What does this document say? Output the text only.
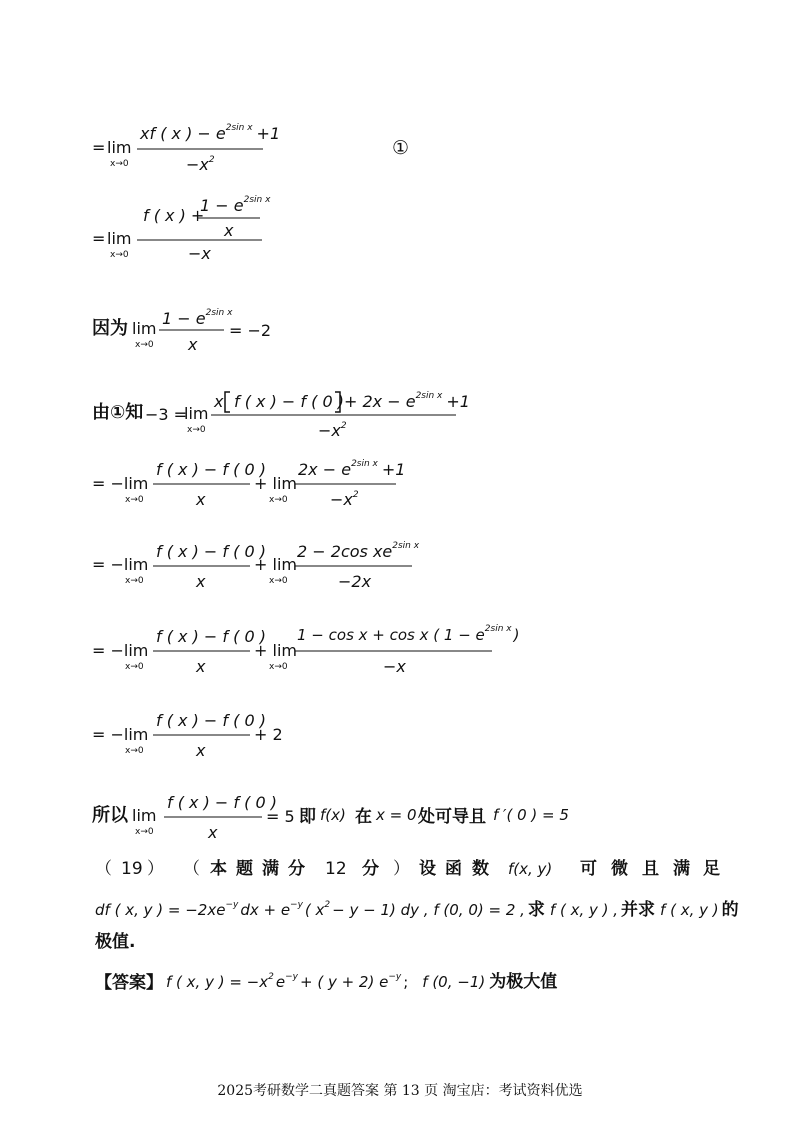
= lim
x→0
xf ( x ) − $e^{2sin x} +1$
$-x^2$
①
= lim
x→0
f ( x ) +
$1 - e^{2sin x}$
x
−x
因为 lim
x→0
$1 - e^{2sin x}$
x
= −2
由①知 −3 =
lim
x→0
x f ( x ) − f ( 0 ) + $2x - e^{2sin x} +1$
$-x^2$
= −lim
x→0
f ( x ) − f ( 0 )
x
+ lim
x→0
$2x - e^{2sin x} +1$
$-x^2$
= −lim
x→0
f ( x ) − f ( 0 )
x
+ lim
x→0
2 − 2cos $xe^{2sin x}$
−2x
= −lim
x→0
f ( x ) − f ( 0 )
x
+ lim
x→0
1 − cos x + cos x ( $1 - e^{2sin x}$ )
−x
= −lim
x→0
f ( x ) − f ( 0 )
x
+ 2
所以 lim
x→0
f ( x ) − f ( 0 )
x
= 5 即 f(x) 在 x = 0 处可导且 f ′( 0 ) = 5
（ 19 ） （ 本 题 满 分 12 分 ） 设 函 数 f(x, y) 可 微 且 满 足
df ( x, y ) = $-2xe^{-y}$ dx + $e^{-y}$ ( $x^2 - y - 1$) dy , f (0, 0) = 2 , 求 f ( x, y ) , 并求 f ( x, y ) 的
极值.
【答案】 f ( x, y ) = $-x^2$ $e^{-y}$ + ( y + 2) $e^{-y}$ ; f (0, −1) 为极大值
2025考研数学二真题答案 第 13 页 淘宝店：考试资料优选
